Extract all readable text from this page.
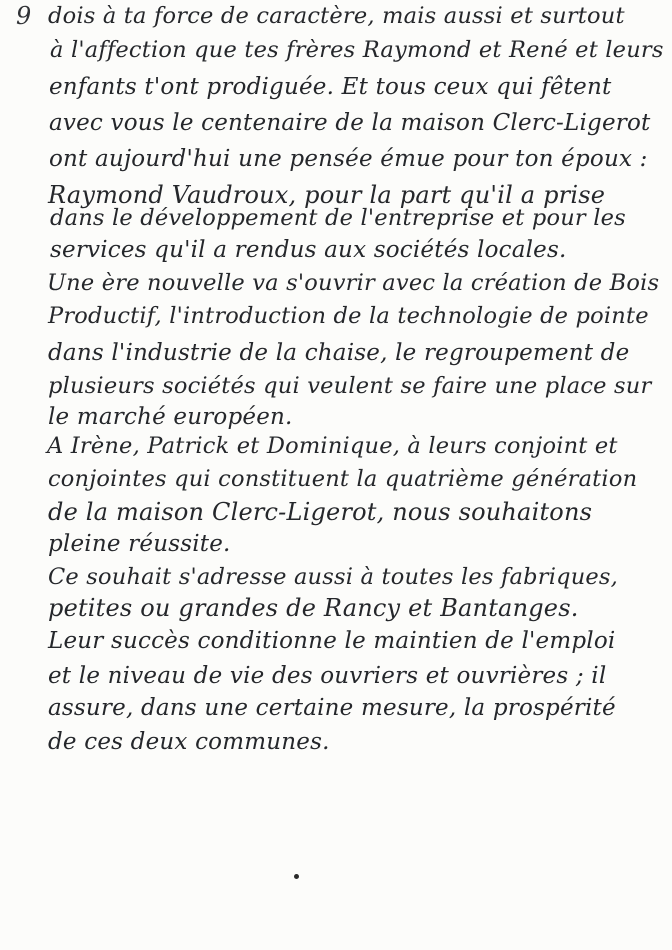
9 dois à ta force de caractère, mais aussi et surtout
à l'affection que tes frères Raymond et René et leurs
enfants t'ont prodiguée. Et tous ceux qui fêtent
avec vous le centenaire de la maison Clerc-Ligerot
ont aujourd'hui une pensée émue pour ton époux :
Raymond Vaudroux, pour la part qu'il a prise
dans le développement de l'entreprise et pour les
services qu'il a rendus aux sociétés locales.
Une ère nouvelle va s'ouvrir avec la création de Bois
Productif, l'introduction de la technologie de pointe
dans l'industrie de la chaise, le regroupement de
plusieurs sociétés qui veulent se faire une place sur
le marché européen.
A Irène, Patrick et Dominique, à leurs conjoint et
conjointes qui constituent la quatrième génération
de la maison Clerc-Ligerot, nous souhaitons
pleine réussite.
Ce souhait s'adresse aussi à toutes les fabriques,
petites ou grandes de Rancy et Bantanges.
Leur succès conditionne le maintien de l'emploi
et le niveau de vie des ouvriers et ouvrières ; il
assure, dans une certaine mesure, la prospérité
de ces deux communes.
